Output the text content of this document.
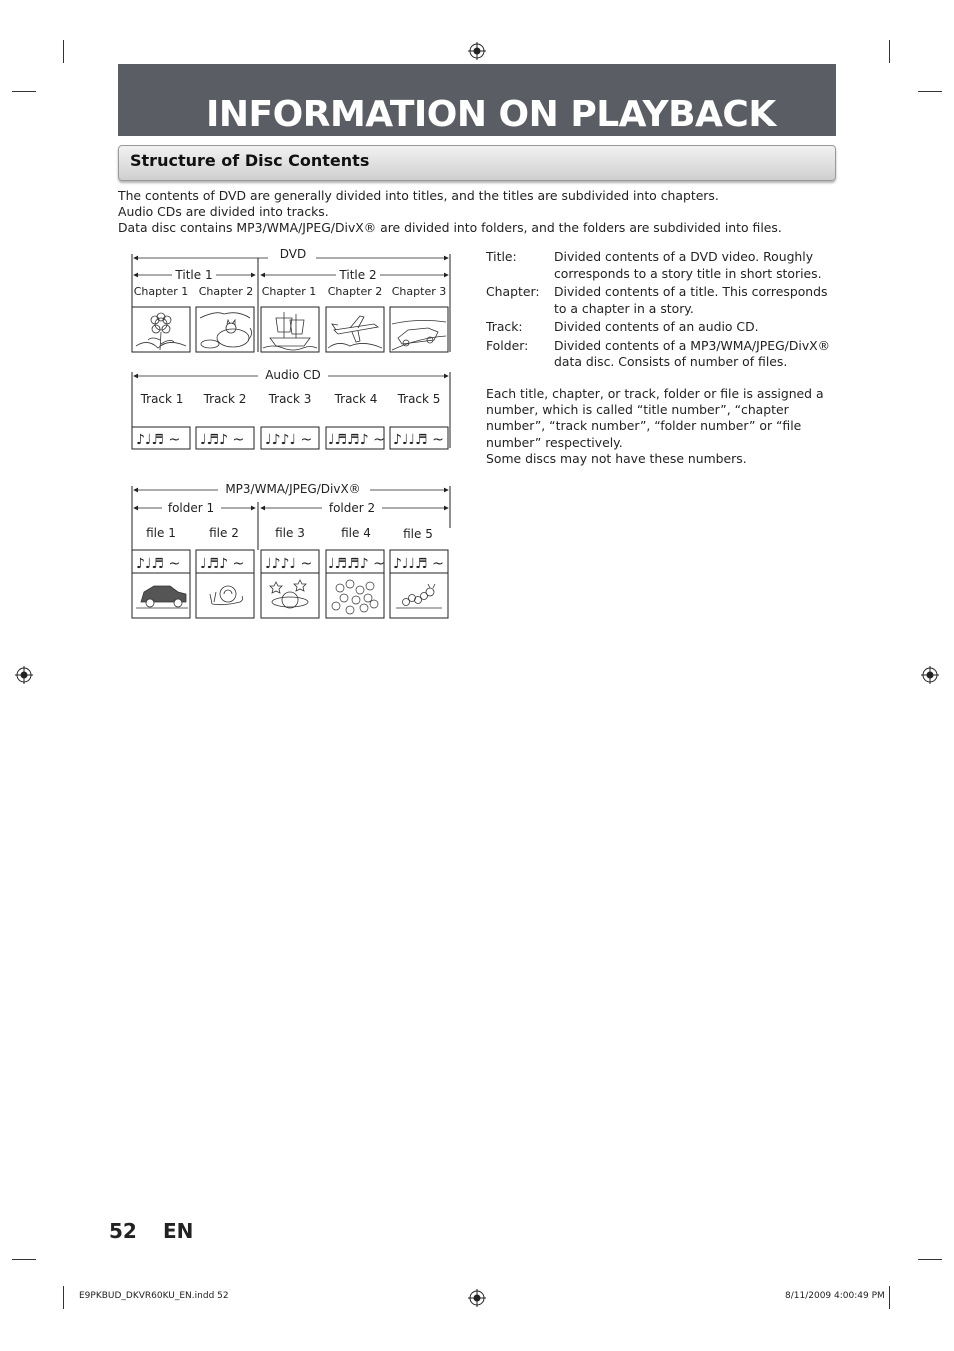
INFORMATION ON PLAYBACK
Structure of Disc Contents
The contents of DVD are generally divided into titles, and the titles are subdivided into chapters.
Audio CDs are divided into tracks.
Data disc contains MP3/WMA/JPEG/DivX® are divided into folders, and the folders are subdivided into files.
DVD
Title 1	Title 2
Chapter 1 Chapter 2 Chapter 1 Chapter 2 Chapter 3
Audio CD
Track 1 Track 2 Track 3 Track 4 Track 5
♪♩♬ ~ ♩♬♪ ~ ♩♪♪♩ ~ ♩♬♬♪ ~ ♪♩♩♬ ~
MP3/WMA/JPEG/DivX®
folder 1	folder 2
file 1	file 2	file 3	file 4	file 5
♪♩♬ ~ ♩♬♪ ~ ♩♪♪♩ ~ ♩♬♬♪ ~ ♪♩♩♬ ~
Title:	Divided contents of a DVD video. Roughly corresponds to a story title in short stories.
Chapter:	Divided contents of a title. This corresponds to a chapter in a story.
Track:	Divided contents of an audio CD.
Folder:	Divided contents of a MP3/WMA/JPEG/DivX® data disc. Consists of number of files.
Each title, chapter, or track, folder or file is assigned a number, which is called “title number”, “chapter number”, “track number”, “folder number” or “file number” respectively.
Some discs may not have these numbers.
52 EN
E9PKBUD_DKVR60KU_EN.indd 52	8/11/2009 4:00:49 PM
